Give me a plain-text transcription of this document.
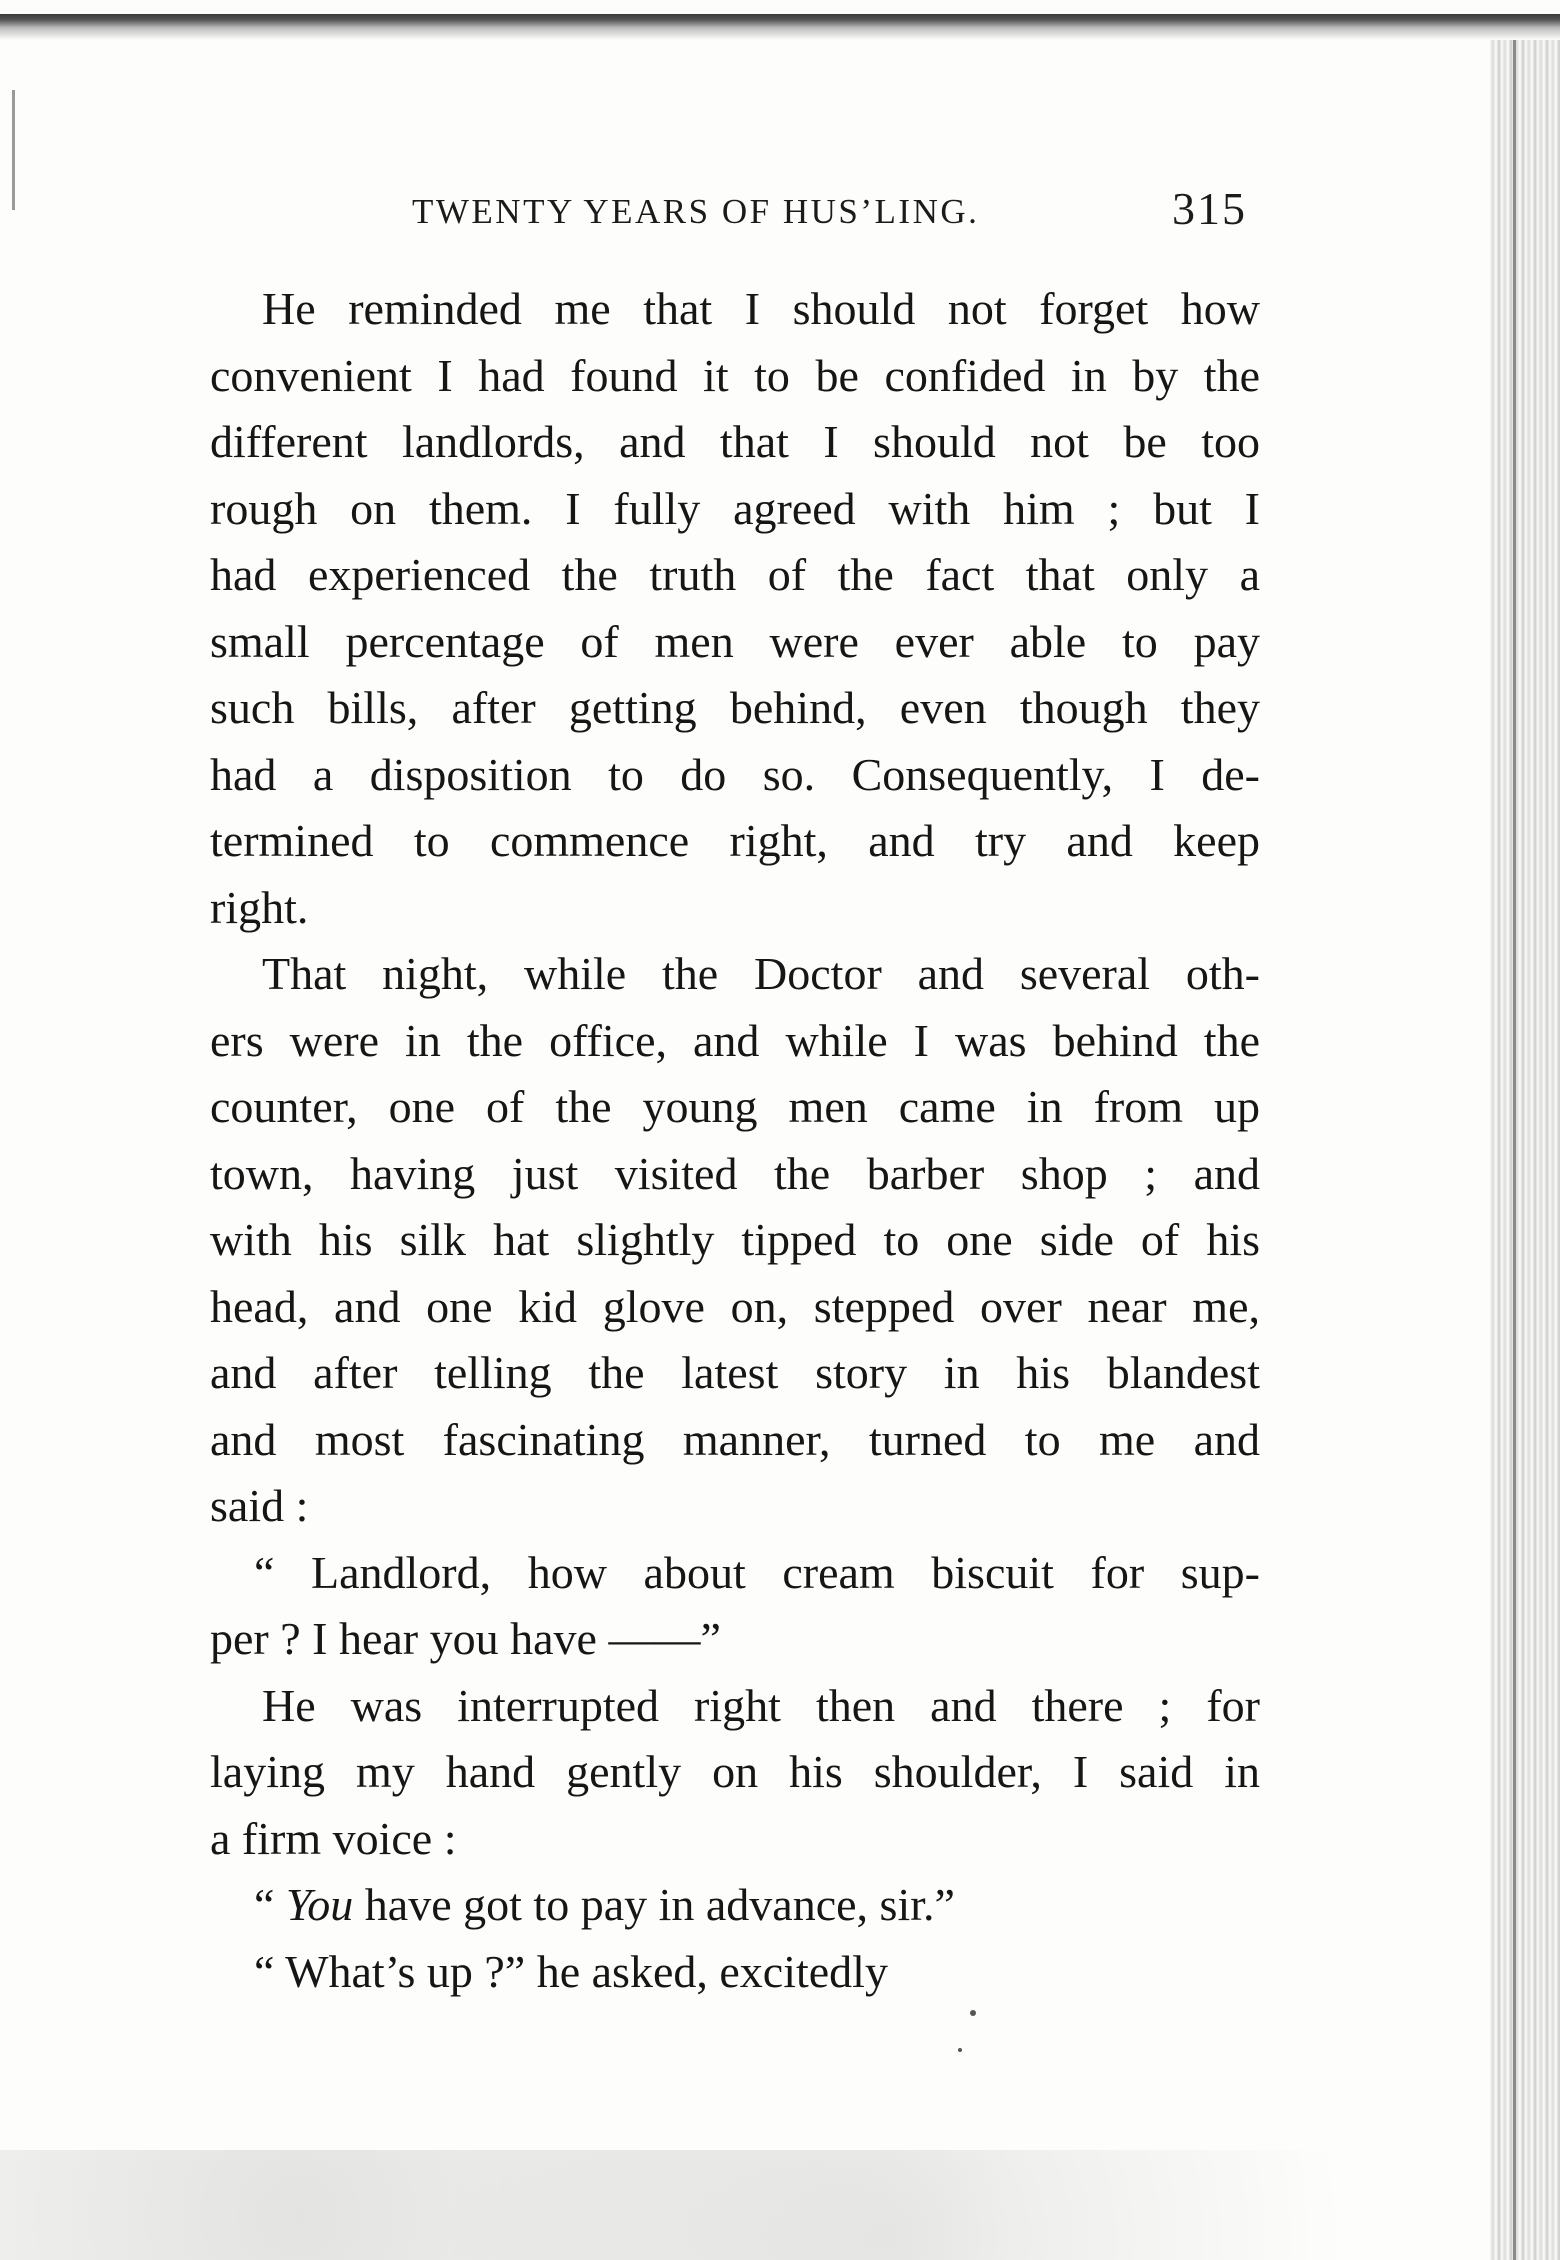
TWENTY YEARS OF HUS’LING.	315
He reminded me that I should not forget how
convenient I had found it to be confided in by the
different landlords, and that I should not be too
rough on them. I fully agreed with him ; but I
had experienced the truth of the fact that only a
small percentage of men were ever able to pay
such bills, after getting behind, even though they
had a disposition to do so. Consequently, I de-
termined to commence right, and try and keep
right.
That night, while the Doctor and several oth-
ers were in the office, and while I was behind the
counter, one of the young men came in from up
town, having just visited the barber shop ; and
with his silk hat slightly tipped to one side of his
head, and one kid glove on, stepped over near me,
and after telling the latest story in his blandest
and most fascinating manner, turned to me and
said :
“ Landlord, how about cream biscuit for sup-
per ? I hear you have ——”
He was interrupted right then and there ; for
laying my hand gently on his shoulder, I said in
a firm voice :
“ You have got to pay in advance, sir.”
“ What’s up ?” he asked, excitedly
